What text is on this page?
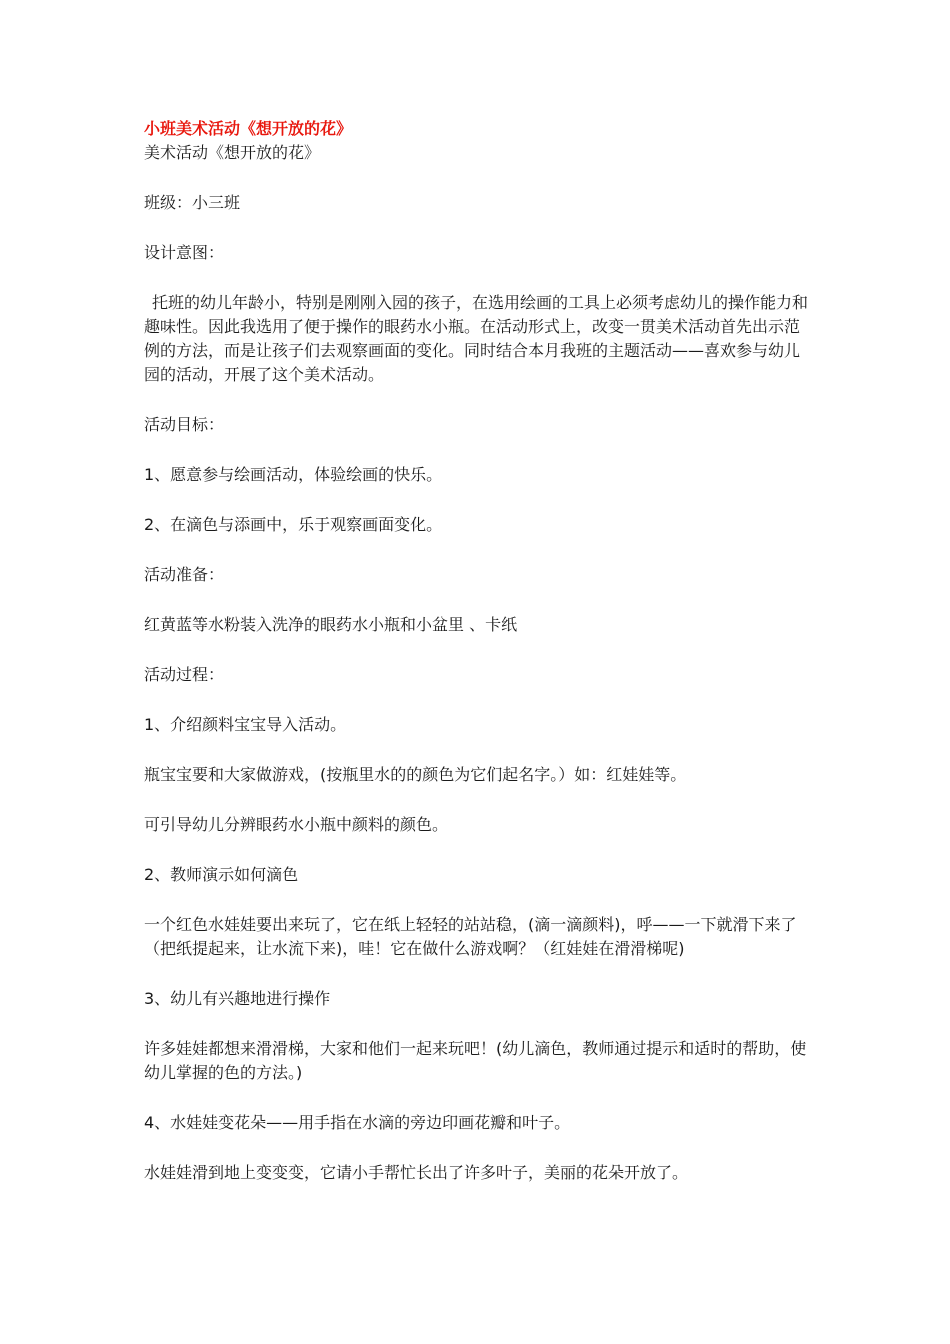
小班美术活动《想开放的花》

美术活动《想开放的花》

班级：小三班

设计意图：

托班的幼儿年龄小，特别是刚刚入园的孩子，在选用绘画的工具上必须考虑幼儿的操作能力和趣味性。因此我选用了便于操作的眼药水小瓶。在活动形式上，改变一贯美术活动首先出示范例的方法，而是让孩子们去观察画面的变化。同时结合本月我班的主题活动——喜欢参与幼儿园的活动，开展了这个美术活动。

活动目标：

1、愿意参与绘画活动，体验绘画的快乐。

2、在滴色与添画中，乐于观察画面变化。

活动准备：

红黄蓝等水粉装入洗净的眼药水小瓶和小盆里 、卡纸

活动过程：

1、介绍颜料宝宝导入活动。

瓶宝宝要和大家做游戏，(按瓶里水的的颜色为它们起名字。）如：红娃娃等。

可引导幼儿分辨眼药水小瓶中颜料的颜色。

2、教师演示如何滴色

一个红色水娃娃要出来玩了，它在纸上轻轻的站站稳，(滴一滴颜料)，呼——一下就滑下来了（把纸提起来，让水流下来)，哇！它在做什么游戏啊？（红娃娃在滑滑梯呢)

3、幼儿有兴趣地进行操作

许多娃娃都想来滑滑梯，大家和他们一起来玩吧！(幼儿滴色，教师通过提示和适时的帮助，使幼儿掌握的色的方法。)

4、水娃娃变花朵——用手指在水滴的旁边印画花瓣和叶子。

水娃娃滑到地上变变变，它请小手帮忙长出了许多叶子，美丽的花朵开放了。
